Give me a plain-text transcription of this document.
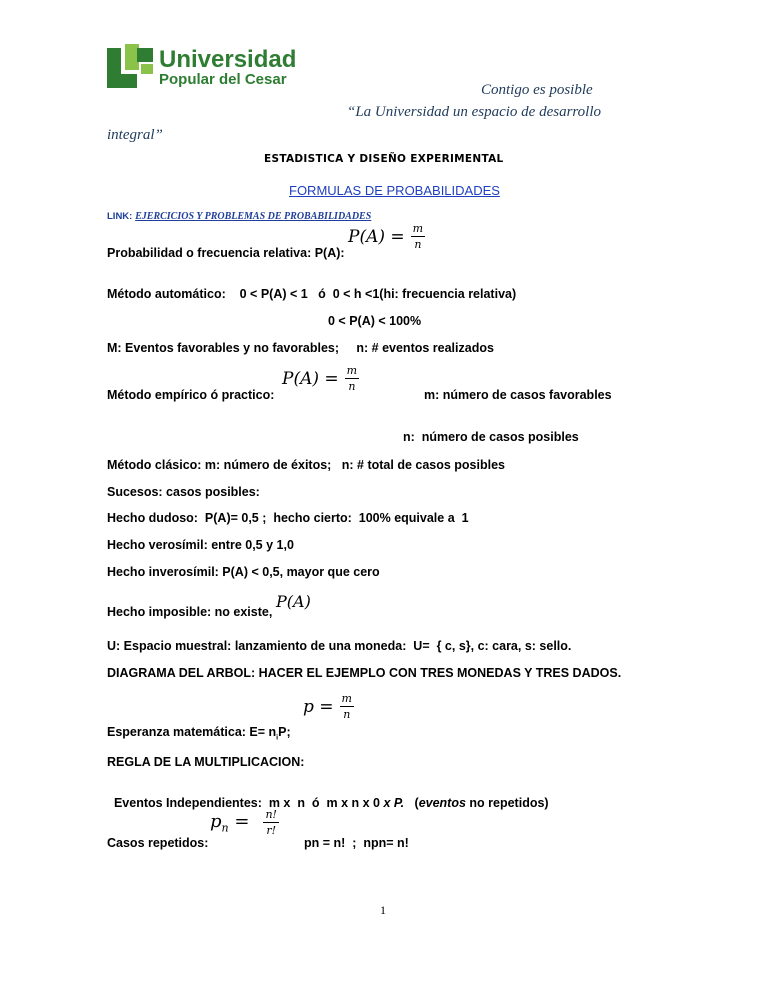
Universidad
Popular del Cesar
Contigo es posible
“La Universidad un espacio de desarrollo
integral”
ESTADISTICA Y DISEÑO EXPERIMENTAL
FORMULAS DE PROBABILIDADES
LINK: EJERCICIOS Y PROBLEMAS DE PROBABILIDADES
Probabilidad o frecuencia relativa: P(A):
$P(A) = \frac{m}{n}$
Método automático:    0 < P(A) < 1   ó  0 < h <1(hi: frecuencia relativa)
0 < P(A) < 100%
M: Eventos favorables y no favorables;     n: # eventos realizados
Método empírico ó practico:
$P(A) = \frac{m}{n}$
m: número de casos favorables
n:  número de casos posibles
Método clásico: m: número de éxitos;   n: # total de casos posibles
Sucesos: casos posibles:
Hecho dudoso:  P(A)= 0,5 ;  hecho cierto:  100% equivale a  1
Hecho verosímil: entre 0,5 y 1,0
Hecho inverosímil: P(A) < 0,5, mayor que cero
Hecho imposible: no existe,
P(A)
U: Espacio muestral: lanzamiento de una moneda:  U=  { c, s}, c: cara, s: sello.
DIAGRAMA DEL ARBOL: HACER EL EJEMPLO CON TRES MONEDAS Y TRES DADOS.
Esperanza matemática: $E= n_iP$;
$p = \frac{m}{n}$
REGLA DE LA MULTIPLICACION:

Eventos Independientes:  m x  n  ó  m x n x 0 x P.   (eventos no repetidos)

Casos repetidos:
$p_n = \frac{n!}{r!}$
pn = n!  ;  npn= n!
1
